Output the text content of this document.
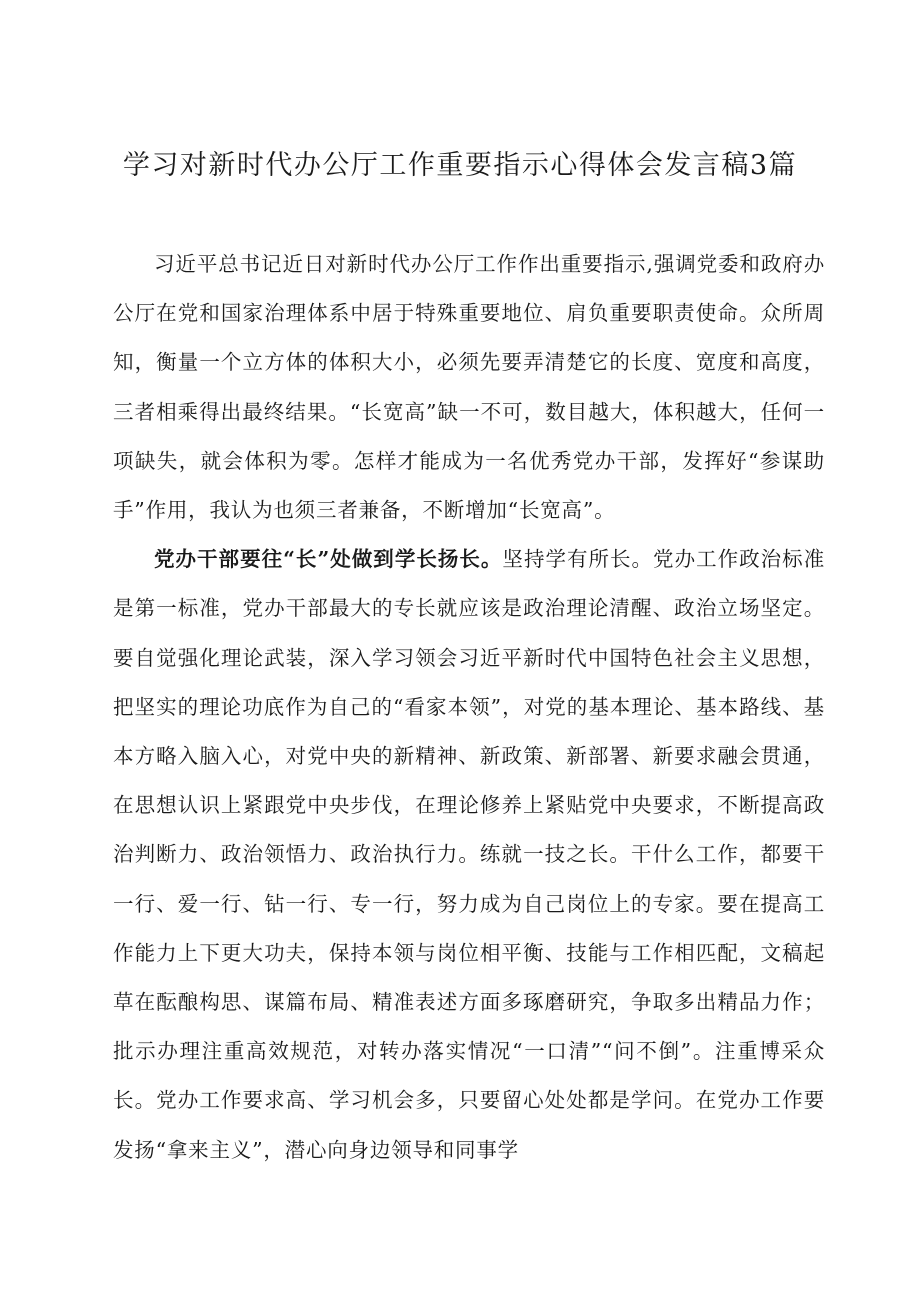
学习对新时代办公厅工作重要指示心得体会发言稿3篇

习近平总书记近日对新时代办公厅工作作出重要指示,强调党委和政府办公厅在党和国家治理体系中居于特殊重要地位、肩负重要职责使命。众所周知，衡量一个立方体的体积大小，必须先要弄清楚它的长度、宽度和高度，三者相乘得出最终结果。“长宽高”缺一不可，数目越大，体积越大，任何一项缺失，就会体积为零。怎样才能成为一名优秀党办干部，发挥好“参谋助手”作用，我认为也须三者兼备，不断增加“长宽高”。

党办干部要往“长”处做到学长扬长。坚持学有所长。党办工作政治标准是第一标准，党办干部最大的专长就应该是政治理论清醒、政治立场坚定。要自觉强化理论武装，深入学习领会习近平新时代中国特色社会主义思想，把坚实的理论功底作为自己的“看家本领”，对党的基本理论、基本路线、基本方略入脑入心，对党中央的新精神、新政策、新部署、新要求融会贯通，在思想认识上紧跟党中央步伐，在理论修养上紧贴党中央要求，不断提高政治判断力、政治领悟力、政治执行力。练就一技之长。干什么工作，都要干一行、爱一行、钻一行、专一行，努力成为自己岗位上的专家。要在提高工作能力上下更大功夫，保持本领与岗位相平衡、技能与工作相匹配，文稿起草在酝酿构思、谋篇布局、精准表述方面多琢磨研究，争取多出精品力作；批示办理注重高效规范，对转办落实情况“一口清”“问不倒”。注重博采众长。党办工作要求高、学习机会多，只要留心处处都是学问。在党办工作要发扬“拿来主义”，潜心向身边领导和同事学
